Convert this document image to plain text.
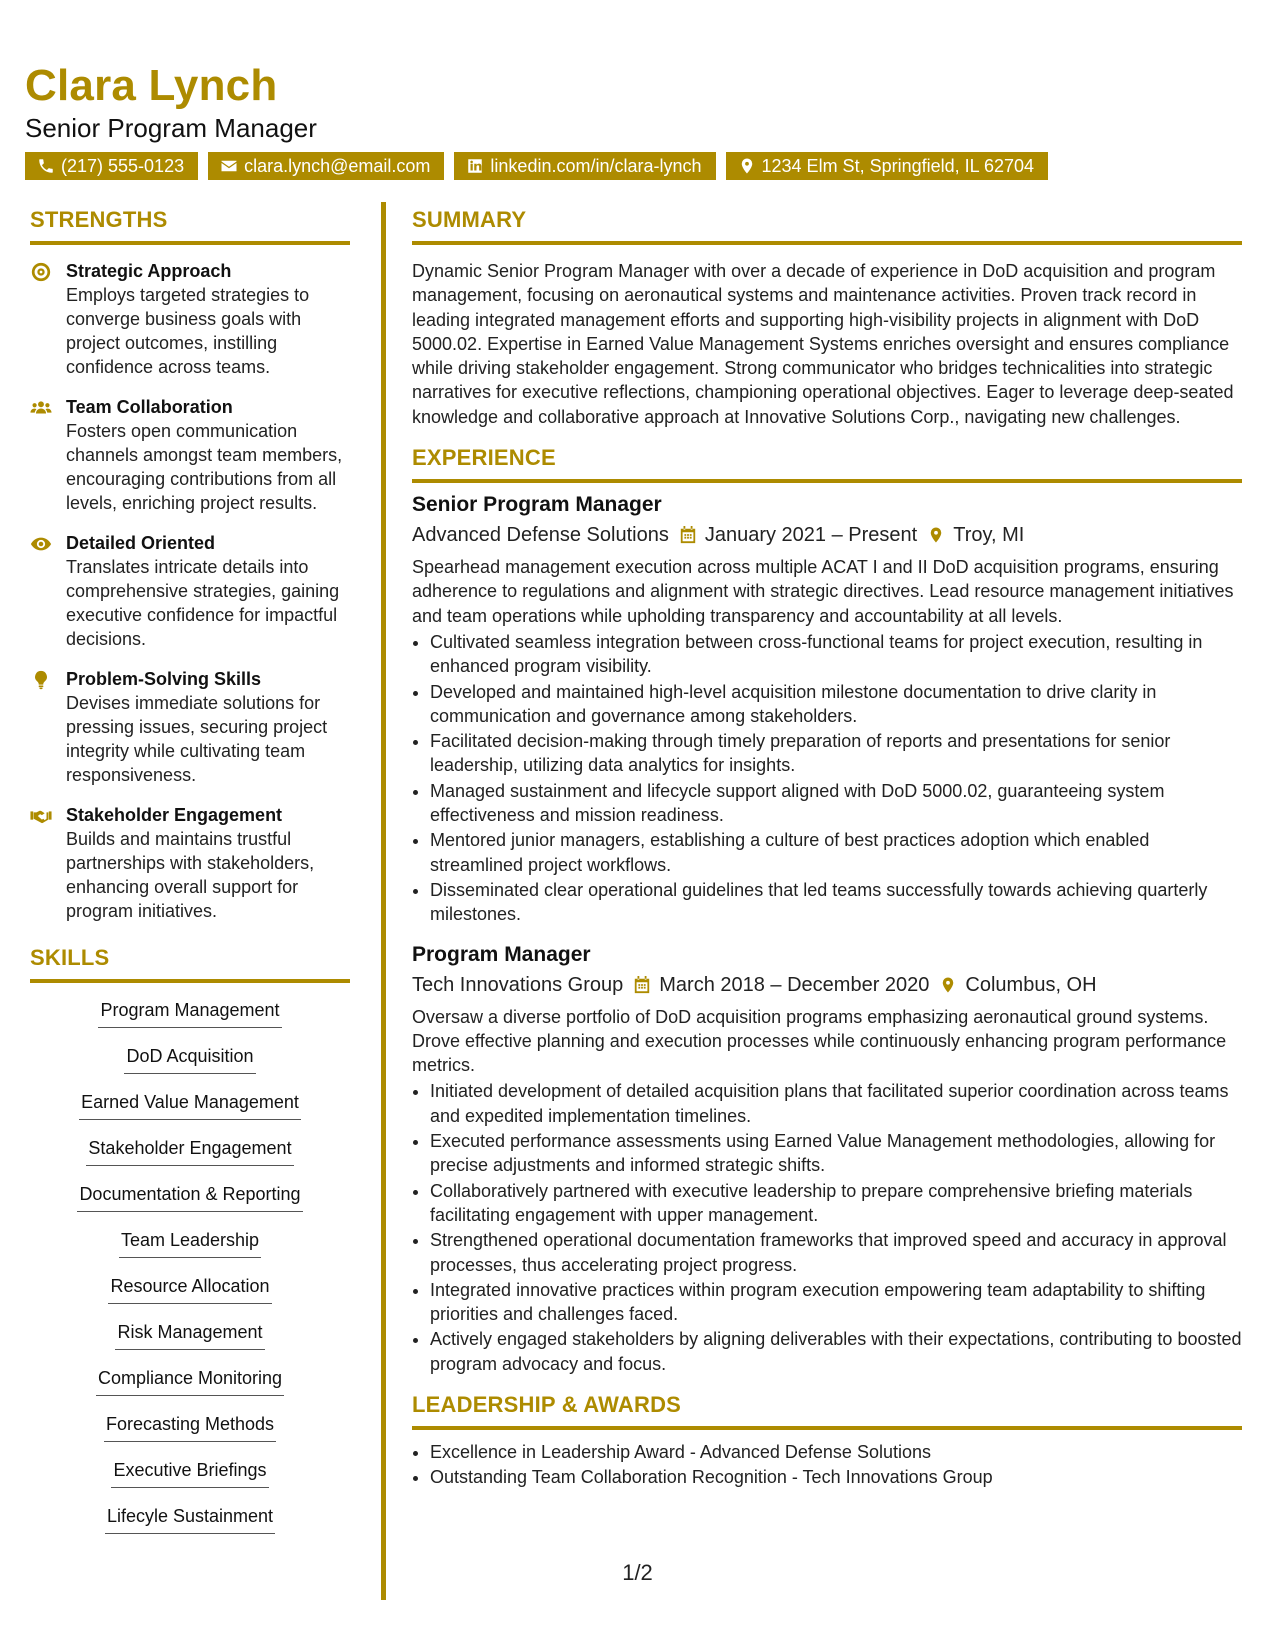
Clara Lynch
Senior Program Manager
(217) 555-0123	clara.lynch@email.com	linkedin.com/in/clara-lynch	1234 Elm St, Springfield, IL 62704
STRENGTHS
Strategic Approach
Employs targeted strategies to converge business goals with project outcomes, instilling confidence across teams.
Team Collaboration
Fosters open communication channels amongst team members, encouraging contributions from all levels, enriching project results.
Detailed Oriented
Translates intricate details into comprehensive strategies, gaining executive confidence for impactful decisions.
Problem-Solving Skills
Devises immediate solutions for pressing issues, securing project integrity while cultivating team responsiveness.
Stakeholder Engagement
Builds and maintains trustful partnerships with stakeholders, enhancing overall support for program initiatives.
SKILLS
Program Management
DoD Acquisition
Earned Value Management
Stakeholder Engagement
Documentation & Reporting
Team Leadership
Resource Allocation
Risk Management
Compliance Monitoring
Forecasting Methods
Executive Briefings
Lifecyle Sustainment
SUMMARY

Dynamic Senior Program Manager with over a decade of experience in DoD acquisition and program management, focusing on aeronautical systems and maintenance activities. Proven track record in leading integrated management efforts and supporting high-visibility projects in alignment with DoD 5000.02. Expertise in Earned Value Management Systems enriches oversight and ensures compliance while driving stakeholder engagement. Strong communicator who bridges technicalities into strategic narratives for executive reflections, championing operational objectives. Eager to leverage deep-seated knowledge and collaborative approach at Innovative Solutions Corp., navigating new challenges.

EXPERIENCE
Senior Program Manager
Advanced Defense Solutions January 2021 – Present Troy, MI

Spearhead management execution across multiple ACAT I and II DoD acquisition programs, ensuring adherence to regulations and alignment with strategic directives. Lead resource management initiatives and team operations while upholding transparency and accountability at all levels.

• Cultivated seamless integration between cross-functional teams for project execution, resulting in enhanced program visibility.
• Developed and maintained high-level acquisition milestone documentation to drive clarity in communication and governance among stakeholders.
• Facilitated decision-making through timely preparation of reports and presentations for senior leadership, utilizing data analytics for insights.
• Managed sustainment and lifecycle support aligned with DoD 5000.02, guaranteeing system effectiveness and mission readiness.
• Mentored junior managers, establishing a culture of best practices adoption which enabled streamlined project workflows.
• Disseminated clear operational guidelines that led teams successfully towards achieving quarterly milestones.
Program Manager
Tech Innovations Group March 2018 – December 2020 Columbus, OH

Oversaw a diverse portfolio of DoD acquisition programs emphasizing aeronautical ground systems. Drove effective planning and execution processes while continuously enhancing program performance metrics.

• Initiated development of detailed acquisition plans that facilitated superior coordination across teams and expedited implementation timelines.
• Executed performance assessments using Earned Value Management methodologies, allowing for precise adjustments and informed strategic shifts.
• Collaboratively partnered with executive leadership to prepare comprehensive briefing materials facilitating engagement with upper management.
• Strengthened operational documentation frameworks that improved speed and accuracy in approval processes, thus accelerating project progress.
• Integrated innovative practices within program execution empowering team adaptability to shifting priorities and challenges faced.
• Actively engaged stakeholders by aligning deliverables with their expectations, contributing to boosted program advocacy and focus.
LEADERSHIP & AWARDS
• Excellence in Leadership Award - Advanced Defense Solutions
• Outstanding Team Collaboration Recognition - Tech Innovations Group
1/2
